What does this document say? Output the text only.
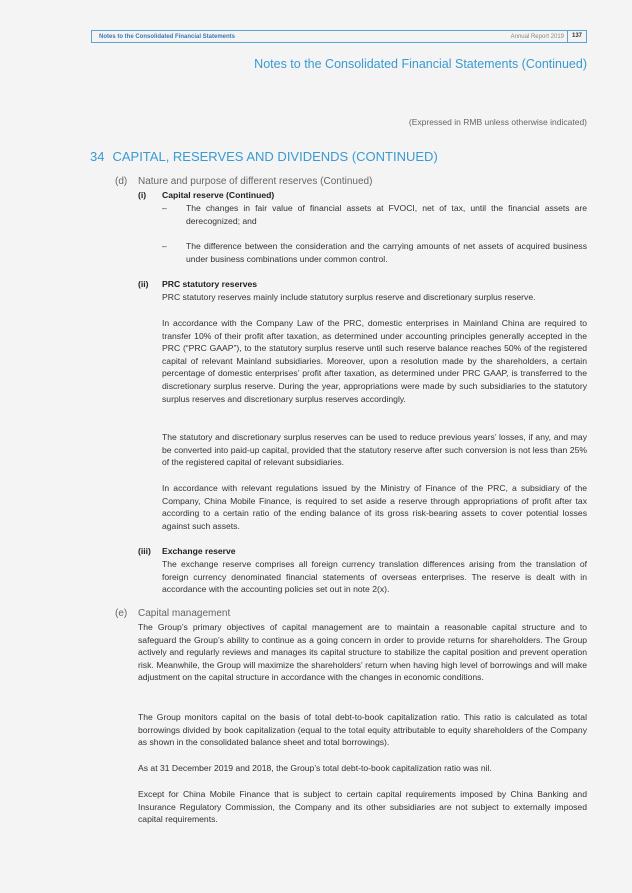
Notes to the Consolidated Financial Statements	Annual Report 2019	137
Notes to the Consolidated Financial Statements (Continued)
(Expressed in RMB unless otherwise indicated)
34 CAPITAL, RESERVES AND DIVIDENDS (CONTINUED)
(d) Nature and purpose of different reserves (Continued)
(i) Capital reserve (Continued)
– The changes in fair value of financial assets at FVOCI, net of tax, until the financial assets are derecognized; and
– The difference between the consideration and the carrying amounts of net assets of acquired business under business combinations under common control.
(ii) PRC statutory reserves
PRC statutory reserves mainly include statutory surplus reserve and discretionary surplus reserve.
In accordance with the Company Law of the PRC, domestic enterprises in Mainland China are required to transfer 10% of their profit after taxation, as determined under accounting principles generally accepted in the PRC (“PRC GAAP”), to the statutory surplus reserve until such reserve balance reaches 50% of the registered capital of relevant Mainland subsidiaries. Moreover, upon a resolution made by the shareholders, a certain percentage of domestic enterprises’ profit after taxation, as determined under PRC GAAP, is transferred to the discretionary surplus reserve. During the year, appropriations were made by such subsidiaries to the statutory surplus reserves and discretionary surplus reserves accordingly.
The statutory and discretionary surplus reserves can be used to reduce previous years’ losses, if any, and may be converted into paid-up capital, provided that the statutory reserve after such conversion is not less than 25% of the registered capital of relevant subsidiaries.
In accordance with relevant regulations issued by the Ministry of Finance of the PRC, a subsidiary of the Company, China Mobile Finance, is required to set aside a reserve through appropriations of profit after tax according to a certain ratio of the ending balance of its gross risk-bearing assets to cover potential losses against such assets.
(iii) Exchange reserve
The exchange reserve comprises all foreign currency translation differences arising from the translation of foreign currency denominated financial statements of overseas enterprises. The reserve is dealt with in accordance with the accounting policies set out in note 2(x).
(e) Capital management
The Group’s primary objectives of capital management are to maintain a reasonable capital structure and to safeguard the Group’s ability to continue as a going concern in order to provide returns for shareholders. The Group actively and regularly reviews and manages its capital structure to stabilize the capital position and prevent operation risk. Meanwhile, the Group will maximize the shareholders’ return when having high level of borrowings and will make adjustment on the capital structure in accordance with the changes in economic conditions.
The Group monitors capital on the basis of total debt-to-book capitalization ratio. This ratio is calculated as total borrowings divided by book capitalization (equal to the total equity attributable to equity shareholders of the Company as shown in the consolidated balance sheet and total borrowings).
As at 31 December 2019 and 2018, the Group’s total debt-to-book capitalization ratio was nil.
Except for China Mobile Finance that is subject to certain capital requirements imposed by China Banking and Insurance Regulatory Commission, the Company and its other subsidiaries are not subject to externally imposed capital requirements.
